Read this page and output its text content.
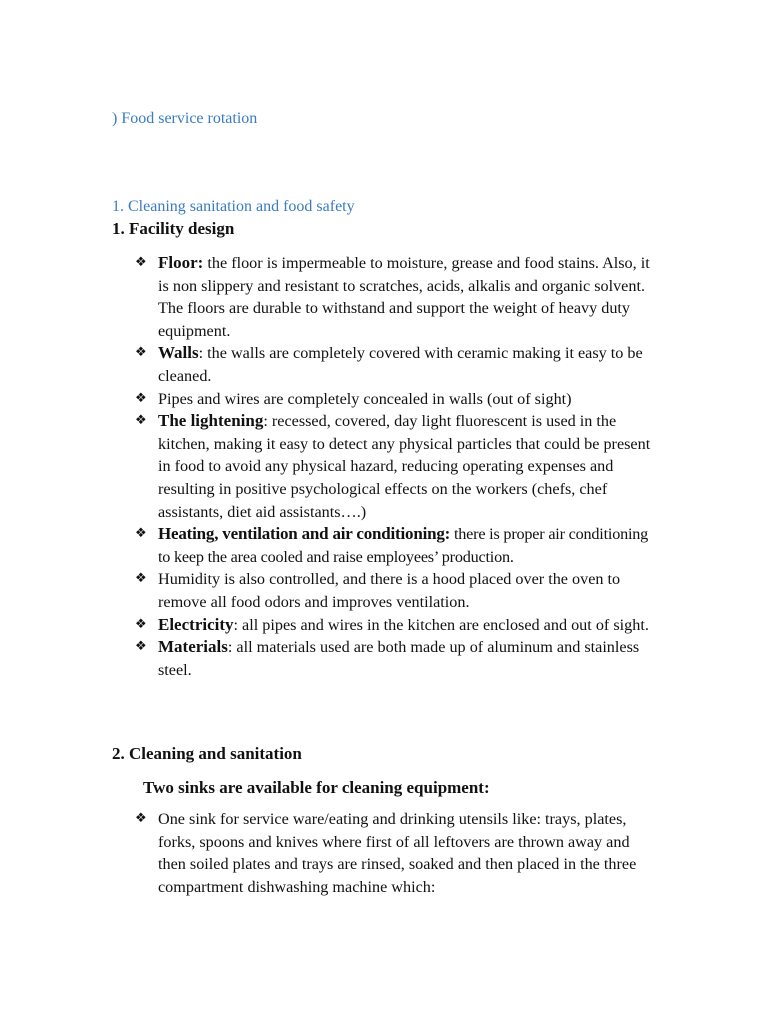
) Food service rotation
1. Cleaning sanitation and food safety
1. Facility design
❖ Floor: the floor is impermeable to moisture, grease and food stains. Also, it is non slippery and resistant to scratches, acids, alkalis and organic solvent. The floors are durable to withstand and support the weight of heavy duty equipment.
❖ Walls: the walls are completely covered with ceramic making it easy to be cleaned.
❖ Pipes and wires are completely concealed in walls (out of sight)
❖ The lightening: recessed, covered, day light fluorescent is used in the kitchen, making it easy to detect any physical particles that could be present in food to avoid any physical hazard, reducing operating expenses and resulting in positive psychological effects on the workers (chefs, chef assistants, diet aid assistants….)
❖ Heating, ventilation and air conditioning: there is proper air conditioning to keep the area cooled and raise employees’ production.
❖ Humidity is also controlled, and there is a hood placed over the oven to remove all food odors and improves ventilation.
❖ Electricity: all pipes and wires in the kitchen are enclosed and out of sight.
❖ Materials: all materials used are both made up of aluminum and stainless steel.
2. Cleaning and sanitation
Two sinks are available for cleaning equipment:
❖ One sink for service ware/eating and drinking utensils like: trays, plates, forks, spoons and knives where first of all leftovers are thrown away and then soiled plates and trays are rinsed, soaked and then placed in the three compartment dishwashing machine which:
